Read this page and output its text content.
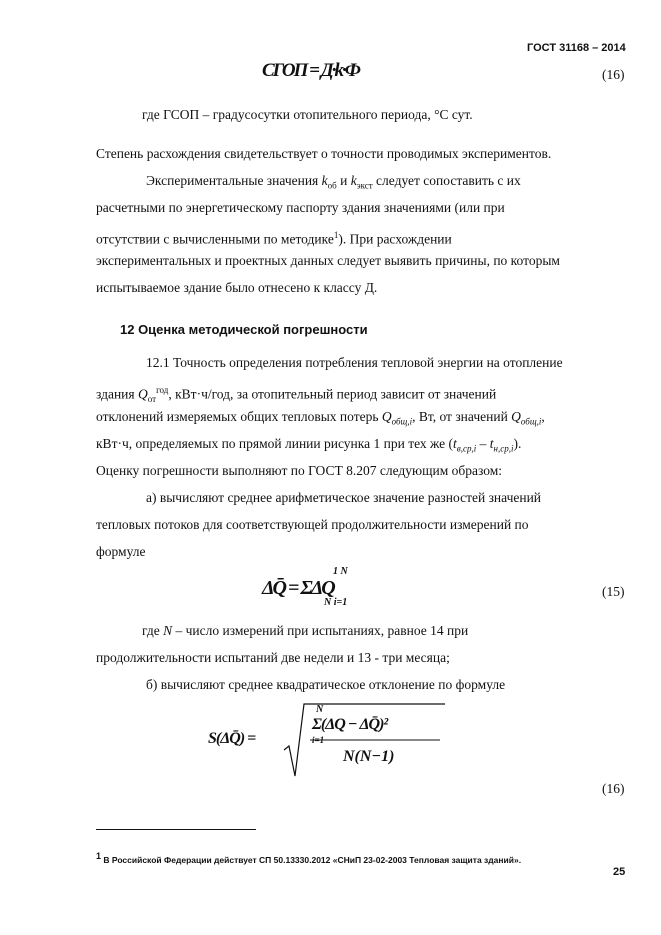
ГОСТ 31168 – 2014
СГОП = Д·k·Ф	(16)
где ГСОП – градусосутки отопительного периода, °С сут.
Степень расхождения свидетельствует о точности проводимых экспериментов.
Экспериментальные значения $k_{об}$ и $k_{экст}$ следует сопоставить с их
расчетными по энергетическому паспорту здания значениями (или при
отсутствии с вычисленными по методике$^1$). При расхождении
экспериментальных и проектных данных следует выявить причины, по которым
испытываемое здание было отнесено к классу Д.
12 Оценка методической погрешности
12.1 Точность определения потребления тепловой энергии на отопление
здания $Q_{от}^{год}$, кВт·ч/год, за отопительный период зависит от значений
отклонений измеряемых общих тепловых потерь $Q_{общ,i}$, Вт, от значений $Q_{общ,i}$,
кВт·ч, определяемых по прямой линии рисунка 1 при тех же $(t_{в,ср,i} - t_{н,ср,i})$.
Оценку погрешности выполняют по ГОСТ 8.207 следующим образом:
а) вычисляют среднее арифметическое значение разностей значений
тепловых потоков для соответствующей продолжительности измерений по
формуле
1 N
ΔQ̄ = ΣΔQ
N i=1
(15)
где N – число измерений при испытаниях, равное 14 при
продолжительности испытаний две недели и 13 - три месяца;
б) вычисляют среднее квадратическое отклонение по формуле
S(ΔQ̄) =
N
Σ(ΔQ − ΔQ̄)²
i=1
N(N−1)
(16)
$^1$ В Российской Федерации действует СП 50.13330.2012 «СНиП 23-02-2003 Тепловая защита зданий».
25
